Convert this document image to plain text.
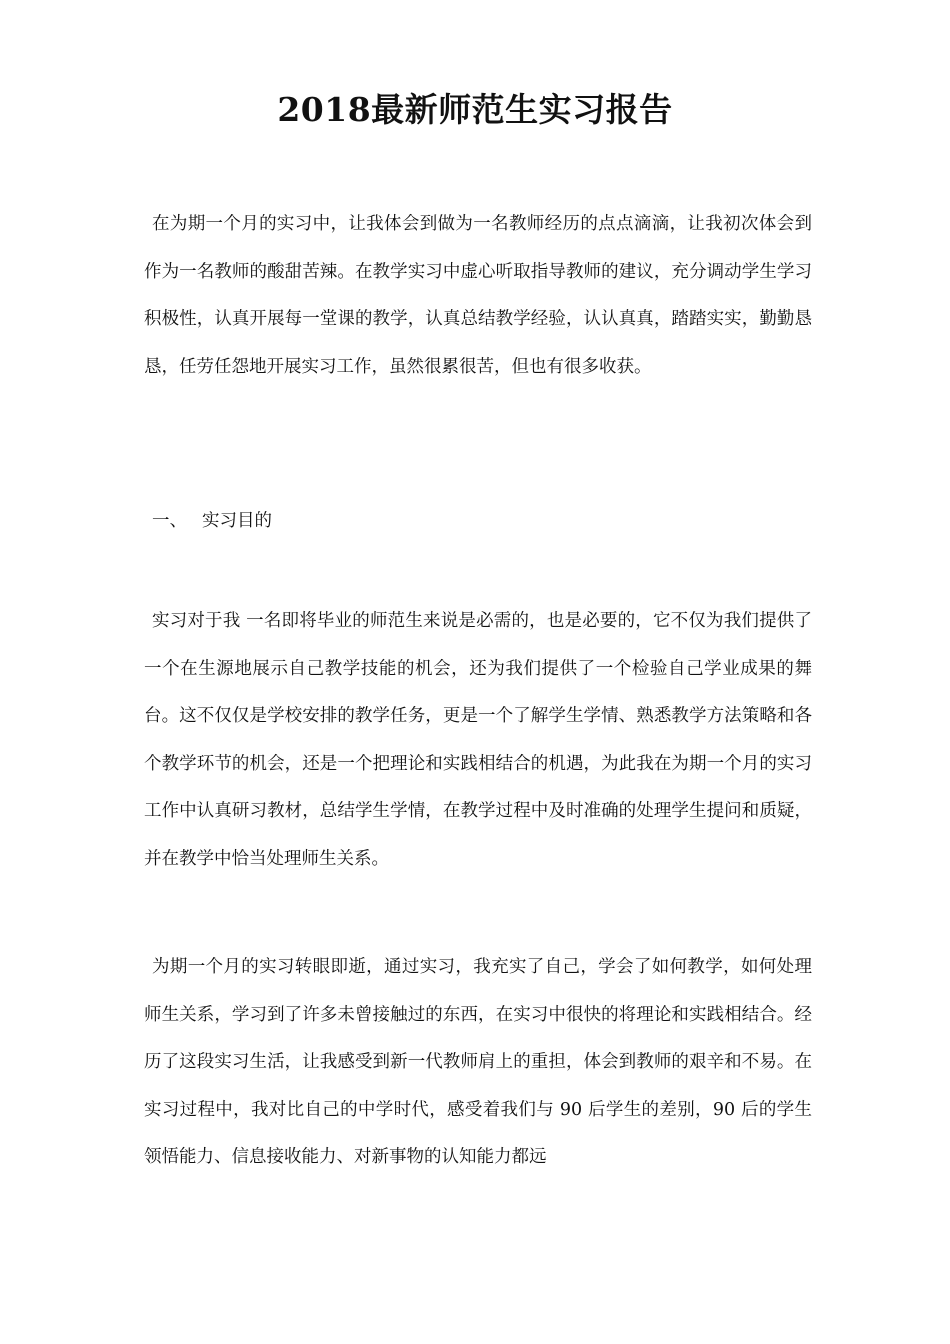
2018最新师范生实习报告

在为期一个月的实习中，让我体会到做为一名教师经历的点点滴滴，让我初次体会到作为一名教师的酸甜苦辣。在教学实习中虚心听取指导教师的建议，充分调动学生学习积极性，认真开展每一堂课的教学，认真总结教学经验，认认真真，踏踏实实，勤勤恳恳，任劳任怨地开展实习工作，虽然很累很苦，但也有很多收获。

一、 实习目的

实习对于我 一名即将毕业的师范生来说是必需的，也是必要的，它不仅为我们提供了一个在生源地展示自己教学技能的机会，还为我们提供了一个检验自己学业成果的舞台。这不仅仅是学校安排的教学任务，更是一个了解学生学情、熟悉教学方法策略和各个教学环节的机会，还是一个把理论和实践相结合的机遇，为此我在为期一个月的实习工作中认真研习教材，总结学生学情，在教学过程中及时准确的处理学生提问和质疑，并在教学中恰当处理师生关系。

为期一个月的实习转眼即逝，通过实习，我充实了自己，学会了如何教学，如何处理师生关系，学习到了许多未曾接触过的东西，在实习中很快的将理论和实践相结合。经历了这段实习生活，让我感受到新一代教师肩上的重担，体会到教师的艰辛和不易。在实习过程中，我对比自己的中学时代，感受着我们与 90 后学生的差别，90 后的学生领悟能力、信息接收能力、对新事物的认知能力都远
